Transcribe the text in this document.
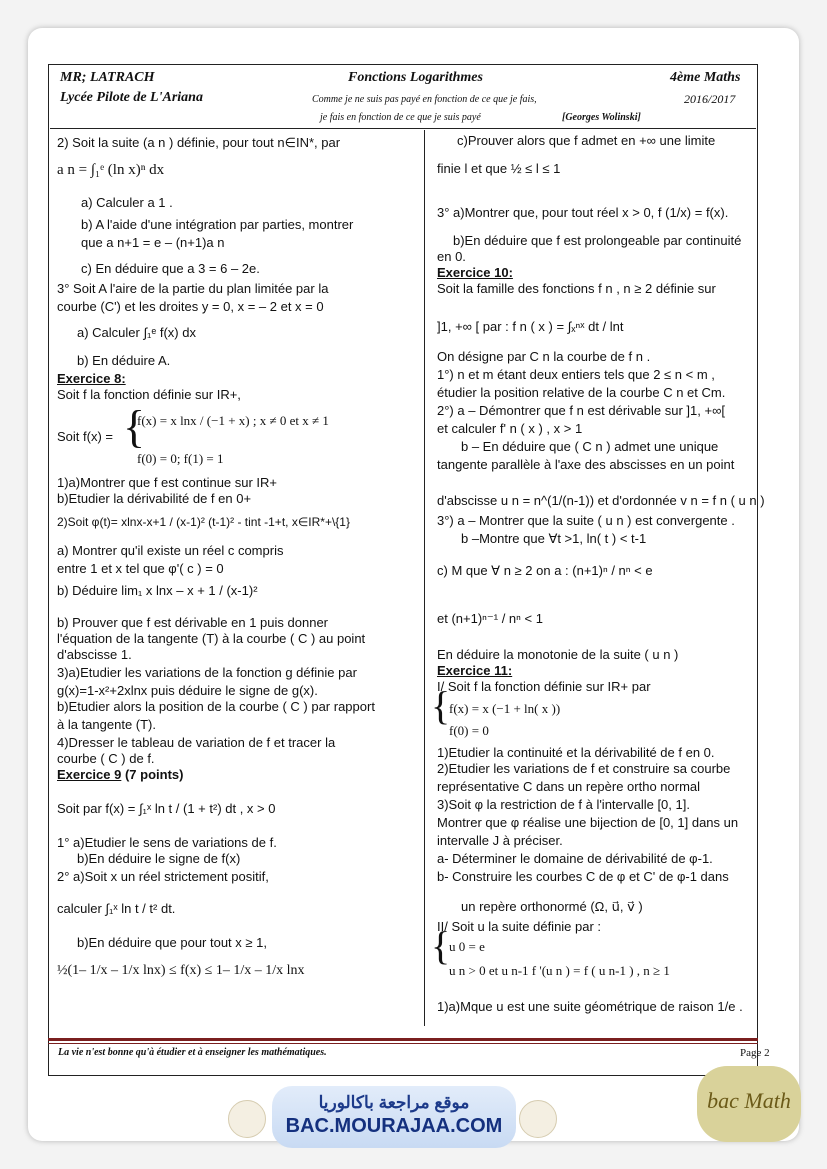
MR; LATRACH
Lycée Pilote de L'Ariana
Fonctions Logarithmes	4ème Maths
2016/2017
Comme je ne suis pas payé en fonction de ce que je fais,
je fais en fonction de ce que je suis payé	[Georges Wolinski]
2) Soit la suite (a n ) définie, pour tout n∈IN*, par
a n = ∫₁ᵉ (ln x)ⁿ dx
a) Calculer a 1 .
b) A l'aide d'une intégration par parties, montrer
que a n+1 = e – (n+1)a n
c) En déduire que a 3 = 6 – 2e.
3° Soit A l'aire de la partie du plan limitée par la
courbe (C') et les droites y = 0, x = – 2 et x = 0
a) Calculer ∫₁ᵉ f(x) dx
b) En déduire A.
Exercice 8:
Soit f la fonction définie sur IR+,
Soit f(x) = {
f(x) = x lnx / (−1 + x) ; x ≠ 0 et x ≠ 1
f(0) = 0; f(1) = 1
1)a)Montrer que f est continue sur IR+
b)Etudier la dérivabilité de f en 0+
2)Soit φ(t)= xlnx-x+1 / (x-1)² (t-1)² - tint -1+t, x∈IR*+\{1}
a) Montrer qu'il existe un réel c compris
entre 1 et x tel que φ'( c ) = 0
b) Déduire lim₁ x lnx – x + 1 / (x-1)²
b) Prouver que f est dérivable en 1 puis donner
l'équation de la tangente (T) à la courbe ( C ) au point
d'abscisse 1.
3)a)Etudier les variations de la fonction g définie par
g(x)=1-x²+2xlnx puis déduire le signe de g(x).
b)Etudier alors la position de la courbe ( C ) par rapport
à la tangente (T).
4)Dresser le tableau de variation de f et tracer la
courbe ( C ) de f.
Exercice 9 (7 points)
Soit par f(x) = ∫₁ˣ ln t / (1 + t²) dt , x > 0
1° a)Etudier le sens de variations de f.
b)En déduire le signe de f(x)
2° a)Soit x un réel strictement positif,
calculer ∫₁ˣ ln t / t² dt.
b)En déduire que pour tout x ≥ 1,
½(1– 1/x – 1/x lnx) ≤ f(x) ≤ 1– 1/x – 1/x lnx
c)Prouver alors que f admet en +∞ une limite
finie l et que ½ ≤ l ≤ 1
3° a)Montrer que, pour tout réel x > 0, f (1/x) = f(x).
b)En déduire que f est prolongeable par continuité
en 0.
Exercice 10:
Soit la famille des fonctions f n , n ≥ 2 définie sur
]1, +∞ [ par : f n ( x ) = ∫ₓⁿˣ dt / lnt
On désigne par C n la courbe de f n .
1°) n et m étant deux entiers tels que 2 ≤ n < m ,
étudier la position relative de la courbe C n et Cm.
2°) a – Démontrer que f n est dérivable sur ]1, +∞[
et calculer f' n ( x ) , x > 1
b – En déduire que ( C n ) admet une unique
tangente parallèle à l'axe des abscisses en un point
d'abscisse u n = n^(1/(n-1)) et d'ordonnée v n = f n ( u n )
3°) a – Montrer que la suite ( u n ) est convergente .
b –Montre que ∀t >1, ln( t ) < t-1
c) M que ∀ n ≥ 2 on a : (n+1)ⁿ / nⁿ < e
et (n+1)ⁿ⁻¹ / nⁿ < 1
En déduire la monotonie de la suite ( u n )
Exercice 11:
I/ Soit f la fonction définie sur IR+ par
{
f(x) = x (−1 + ln( x ))
f(0) = 0
1)Etudier la continuité et la dérivabilité de f en 0.
2)Etudier les variations de f et construire sa courbe
représentative C dans un repère ortho normal
3)Soit φ la restriction de f à l'intervalle [0, 1].
Montrer que φ réalise une bijection de [0, 1] dans un
intervalle J à préciser.
a- Déterminer le domaine de dérivabilité de φ-1.
b- Construire les courbes C de φ et C' de φ-1 dans
un repère orthonormé (Ω, u⃗, v⃗ )
II/ Soit u la suite définie par :
{
u 0 = e
u n > 0 et u n-1 f '(u n ) = f ( u n-1 ) , n ≥ 1
1)a)Mque u est une suite géométrique de raison 1/e .
La vie n'est bonne qu'à étudier et à enseigner les mathématiques.	Page 2
موقع مراجعة باكالوريا
BAC.MOURAJAA.COM
bac Math
